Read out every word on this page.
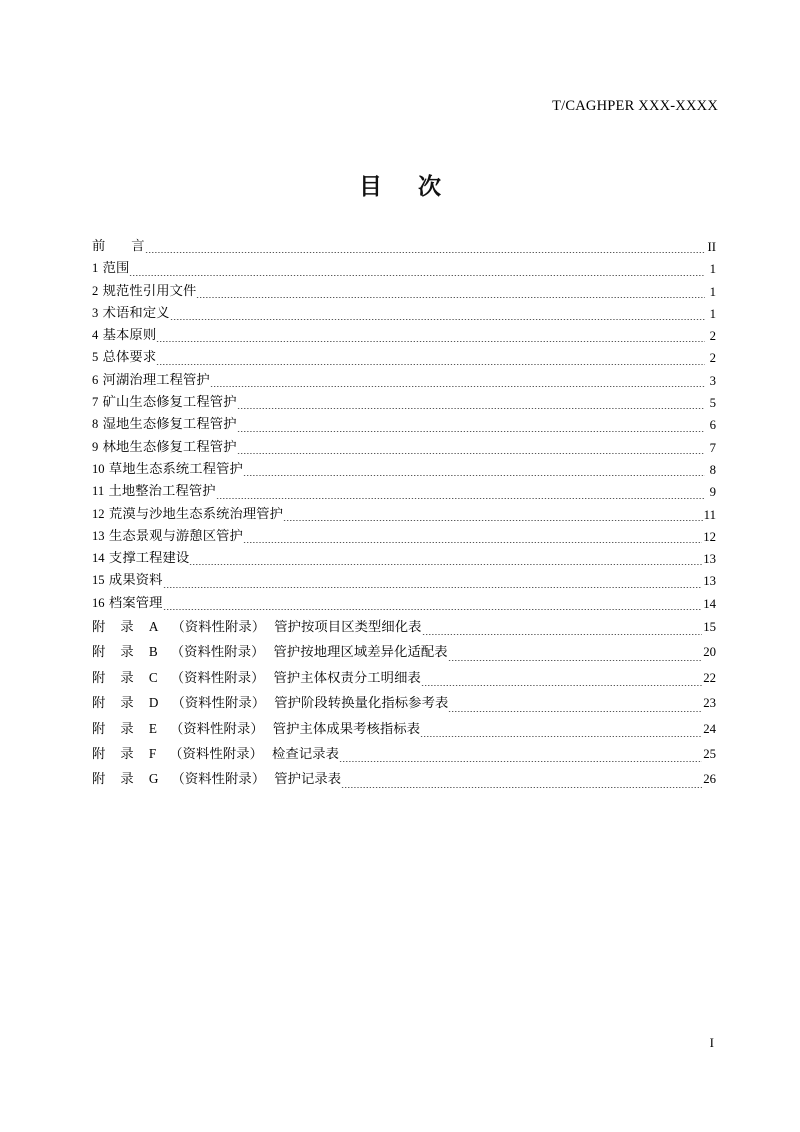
T/CAGHPER XXX-XXXX
目 次
前 言	II
1 范围	1
2 规范性引用文件	1
3 术语和定义	1
4 基本原则	2
5 总体要求	2
6 河湖治理工程管护	3
7 矿山生态修复工程管护	5
8 湿地生态修复工程管护	6
9 林地生态修复工程管护	7
10 草地生态系统工程管护	8
11 土地整治工程管护	9
12 荒漠与沙地生态系统治理管护	11
13 生态景观与游憩区管护	12
14 支撑工程建设	13
15 成果资料	13
16 档案管理	14
附 录 A （资料性附录） 管护按项目区类型细化表	15
附 录 B （资料性附录） 管护按地理区域差异化适配表	20
附 录 C （资料性附录） 管护主体权责分工明细表	22
附 录 D （资料性附录） 管护阶段转换量化指标参考表	23
附 录 E （资料性附录） 管护主体成果考核指标表	24
附 录 F （资料性附录） 检查记录表	25
附 录 G （资料性附录） 管护记录表	26
I
